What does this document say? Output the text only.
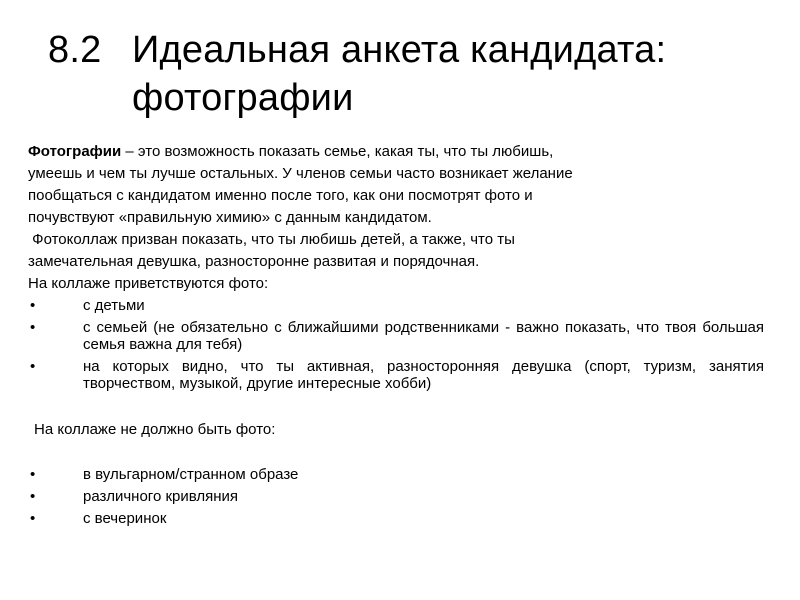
8.2 Идеальная анкета кандидата:
фотографии

Фотографии – это возможность показать семье, какая ты, что ты любишь,

умеешь и чем ты лучше остальных. У членов семьи часто возникает желание

пообщаться с кандидатом именно после того, как они посмотрят фото и

почувствуют «правильную химию» с данным кандидатом.

Фотоколлаж призван показать, что ты любишь детей, а также, что ты

замечательная девушка, разносторонне развитая и порядочная.

На коллаже приветствуются фото:

•	с детьми
•	с семьей (не обязательно с ближайшими родственниками - важно показать, что твоя большая семья важна для тебя)
•	на которых видно, что ты активная, разносторонняя девушка (спорт, туризм, занятия творчеством, музыкой, другие интересные хобби)

На коллаже не должно быть фото:

•	в вульгарном/странном образе
•	различного кривляния
•	с вечеринок
